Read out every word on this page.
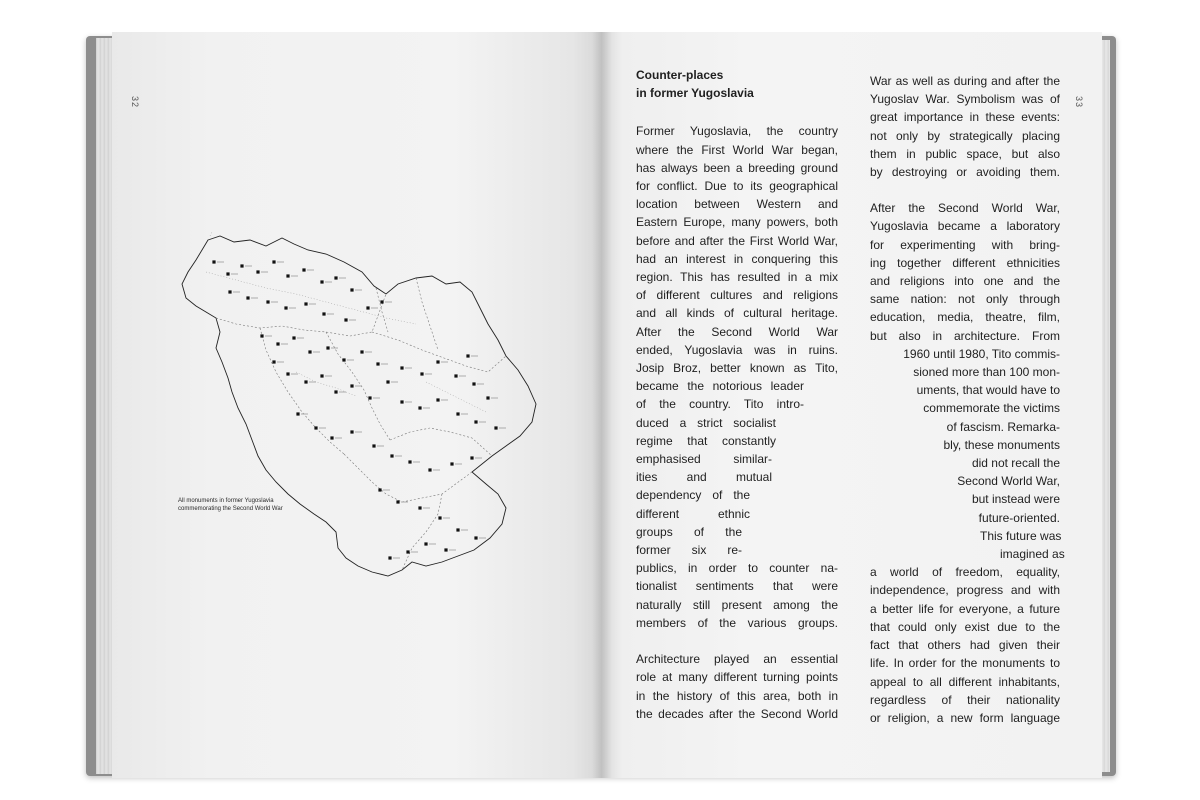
32	33
All monuments in former Yugoslavia
commemorating the Second World War
Counter-places
in former Yugoslavia
Former Yugoslavia, the country
where the First World War began,
has always been a breeding ground
for conflict. Due to its geographical
location between Western and
Eastern Europe, many powers, both
before and after the First World War,
had an interest in conquering this
region. This has resulted in a mix
of different cultures and religions
and all kinds of cultural heritage.
After the Second World War
ended, Yugoslavia was in ruins.
Josip Broz, better known as Tito,
became the notorious leader
of the country. Tito intro-
duced a strict socialist
regime that constantly
emphasised similar-
ities and mutual
dependency of the
different ethnic
groups of the
former six re-
publics, in order to counter na-
tionalist sentiments that were
naturally still present among the
members of the various groups.
Architecture played an essential
role at many different turning points
in the history of this area, both in
the decades after the Second World
War as well as during and after the
Yugoslav War. Symbolism was of
great importance in these events:
not only by strategically placing
them in public space, but also
by destroying or avoiding them.
After the Second World War,
Yugoslavia became a laboratory
for experimenting with bring-
ing together different ethnicities
and religions into one and the
same nation: not only through
education, media, theatre, film,
but also in architecture. From
1960 until 1980, Tito commis-
sioned more than 100 mon-
uments, that would have to
commemorate the victims
of fascism. Remarka-
bly, these monuments
did not recall the
Second World War,
but instead were
future-oriented.
This future was
imagined as
a world of freedom, equality,
independence, progress and with
a better life for everyone, a future
that could only exist due to the
fact that others had given their
life. In order for the monuments to
appeal to all different inhabitants,
regardless of their nationality
or religion, a new form language
